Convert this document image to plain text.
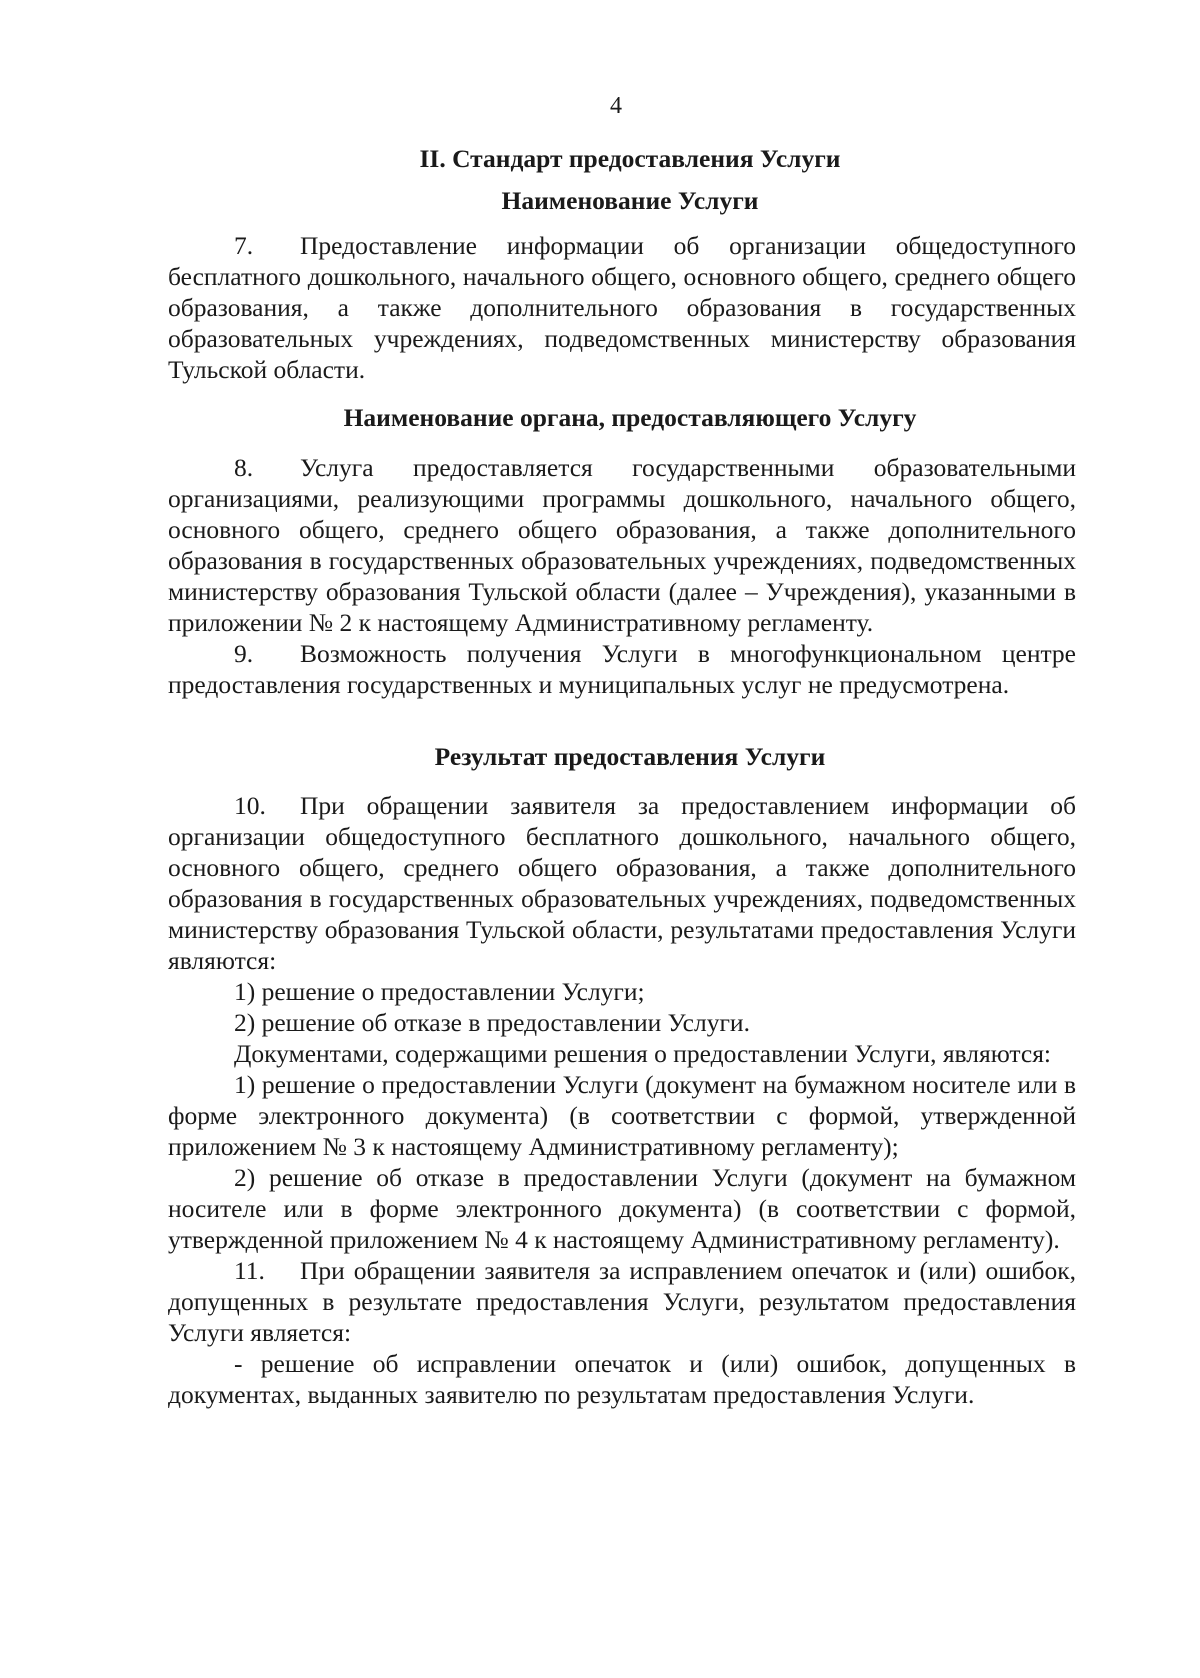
4
II. Стандарт предоставления Услуги
Наименование Услуги

7. Предоставление информации об организации общедоступного бесплатного дошкольного, начального общего, основного общего, среднего общего образования, а также дополнительного образования в государственных образовательных учреждениях, подведомственных министерству образования Тульской области.

Наименование органа, предоставляющего Услугу

8. Услуга предоставляется государственными образовательными организациями, реализующими программы дошкольного, начального общего, основного общего, среднего общего образования, а также дополнительного образования в государственных образовательных учреждениях, подведомственных министерству образования Тульской области (далее – Учреждения), указанными в приложении № 2 к настоящему Административному регламенту.

9. Возможность получения Услуги в многофункциональном центре предоставления государственных и муниципальных услуг не предусмотрена.

Результат предоставления Услуги

10. При обращении заявителя за предоставлением информации об организации общедоступного бесплатного дошкольного, начального общего, основного общего, среднего общего образования, а также дополнительного образования в государственных образовательных учреждениях, подведомственных министерству образования Тульской области, результатами предоставления Услуги являются:

1) решение о предоставлении Услуги;

2) решение об отказе в предоставлении Услуги.

Документами, содержащими решения о предоставлении Услуги, являются:

1) решение о предоставлении Услуги (документ на бумажном носителе или в форме электронного документа) (в соответствии с формой, утвержденной приложением № 3 к настоящему Административному регламенту);

2) решение об отказе в предоставлении Услуги (документ на бумажном носителе или в форме электронного документа) (в соответствии с формой, утвержденной приложением № 4 к настоящему Административному регламенту).

11. При обращении заявителя за исправлением опечаток и (или) ошибок, допущенных в результате предоставления Услуги, результатом предоставления Услуги является:

- решение об исправлении опечаток и (или) ошибок, допущенных в документах, выданных заявителю по результатам предоставления Услуги.
